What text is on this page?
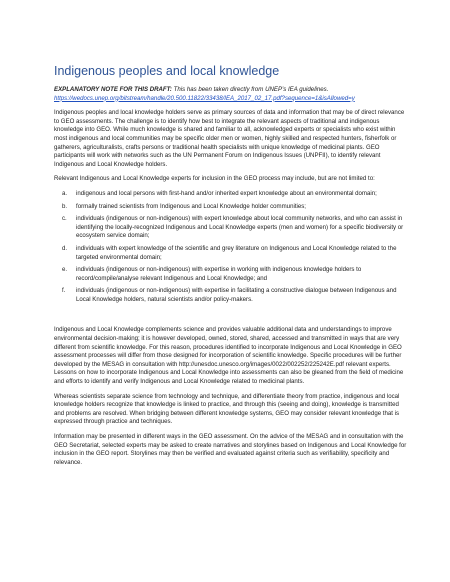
Indigenous peoples and local knowledge

EXPLANATORY NOTE FOR THIS DRAFT: This has been taken directly from UNEP’s IEA guidelines.
https://wedocs.unep.org/bitstream/handle/20.500.11822/33438/IEA_2017_02_17.pdf?sequence=1&isAllowed=y

Indigenous peoples and local knowledge holders serve as primary sources of data and information that may be of direct relevance to GEO assessments. The challenge is to identify how best to integrate the relevant aspects of traditional and indigenous knowledge into GEO. While much knowledge is shared and familiar to all, acknowledged experts or specialists who exist within most indigenous and local communities may be specific older men or women, highly skilled and respected hunters, fisherfolk or gatherers, agriculturalists, crafts persons or traditional health specialists with unique knowledge of medicinal plants. GEO participants will work with networks such as the UN Permanent Forum on Indigenous Issues (UNPFII), to identify relevant Indigenous and Local Knowledge holders.

Relevant Indigenous and Local Knowledge experts for inclusion in the GEO process may include, but are not limited to:

a.	indigenous and local persons with first-hand and/or inherited expert knowledge about an environmental domain;
b.	formally trained scientists from Indigenous and Local Knowledge holder communities;
c.	individuals (indigenous or non-indigenous) with expert knowledge about local community networks, and who can assist in identifying the locally-recognized Indigenous and Local Knowledge experts (men and women) for a specific biodiversity or ecosystem service domain;
d.	individuals with expert knowledge of the scientific and grey literature on Indigenous and Local Knowledge related to the targeted environmental domain;
e.	individuals (indigenous or non-indigenous) with expertise in working with indigenous knowledge holders to record/compile/analyse relevant Indigenous and Local Knowledge; and
f.	individuals (indigenous or non-indigenous) with expertise in facilitating a constructive dialogue between Indigenous and Local Knowledge holders, natural scientists and/or policy-makers.

Indigenous and Local Knowledge complements science and provides valuable additional data and understandings to improve environmental decision-making; it is however developed, owned, stored, shared, accessed and transmitted in ways that are very different from scientific knowledge. For this reason, procedures identified to incorporate Indigenous and Local Knowledge in GEO assessment processes will differ from those designed for incorporation of scientific knowledge. Specific procedures will be further developed by the MESAG in consultation with http://unesdoc.unesco.org/images/0022/002252/225242E.pdf relevant experts. Lessons on how to incorporate Indigenous and Local Knowledge into assessments can also be gleaned from the field of medicine and efforts to identify and verify Indigenous and Local Knowledge related to medicinal plants.

Whereas scientists separate science from technology and technique, and differentiate theory from practice, indigenous and local knowledge holders recognize that knowledge is linked to practice, and through this (seeing and doing), knowledge is transmitted and problems are resolved. When bridging between different knowledge systems, GEO may consider relevant knowledge that is expressed through practice and techniques.

Information may be presented in different ways in the GEO assessment. On the advice of the MESAG and in consultation with the GEO Secretariat, selected experts may be asked to create narratives and storylines based on Indigenous and Local Knowledge for inclusion in the GEO report. Storylines may then be verified and evaluated against criteria such as verifiability, specificity and relevance.
